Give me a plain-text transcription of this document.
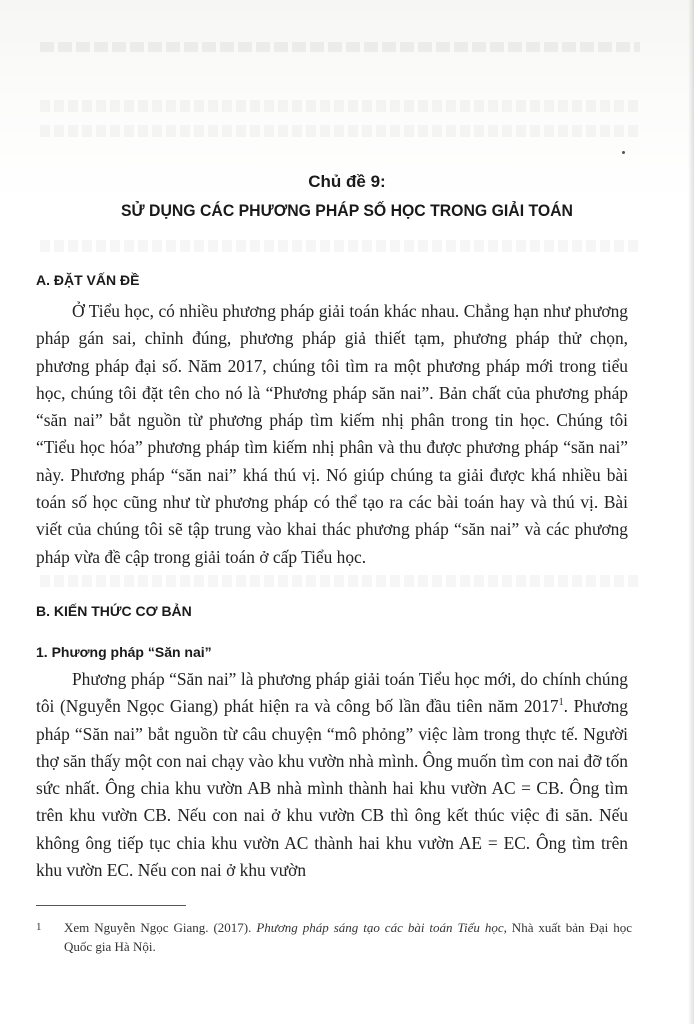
Chủ đề 9:
SỬ DỤNG CÁC PHƯƠNG PHÁP SỐ HỌC TRONG GIẢI TOÁN
A. ĐẶT VẤN ĐỀ

Ở Tiểu học, có nhiều phương pháp giải toán khác nhau. Chẳng hạn như phương pháp gán sai, chỉnh đúng, phương pháp giả thiết tạm, phương pháp thử chọn, phương pháp đại số. Năm 2017, chúng tôi tìm ra một phương pháp mới trong tiểu học, chúng tôi đặt tên cho nó là “Phương pháp săn nai”. Bản chất của phương pháp “săn nai” bắt nguồn từ phương pháp tìm kiếm nhị phân trong tin học. Chúng tôi “Tiểu học hóa” phương pháp tìm kiếm nhị phân và thu được phương pháp “săn nai” này. Phương pháp “săn nai” khá thú vị. Nó giúp chúng ta giải được khá nhiều bài toán số học cũng như từ phương pháp có thể tạo ra các bài toán hay và thú vị. Bài viết của chúng tôi sẽ tập trung vào khai thác phương pháp “săn nai” và các phương pháp vừa đề cập trong giải toán ở cấp Tiểu học.

B. KIẾN THỨC CƠ BẢN
1. Phương pháp “Săn nai”

Phương pháp “Săn nai” là phương pháp giải toán Tiểu học mới, do chính chúng tôi (Nguyễn Ngọc Giang) phát hiện ra và công bố lần đầu tiên năm 2017$^1$. Phương pháp “Săn nai” bắt nguồn từ câu chuyện “mô phỏng” việc làm trong thực tế. Người thợ săn thấy một con nai chạy vào khu vườn nhà mình. Ông muốn tìm con nai đỡ tốn sức nhất. Ông chia khu vườn AB nhà mình thành hai khu vườn AC = CB. Ông tìm trên khu vườn CB. Nếu con nai ở khu vườn CB thì ông kết thúc việc đi săn. Nếu không ông tiếp tục chia khu vườn AC thành hai khu vườn AE = EC. Ông tìm trên khu vườn EC. Nếu con nai ở khu vườn

1 Xem Nguyễn Ngọc Giang. (2017). Phương pháp sáng tạo các bài toán Tiểu học, Nhà xuất bản Đại học Quốc gia Hà Nội.
